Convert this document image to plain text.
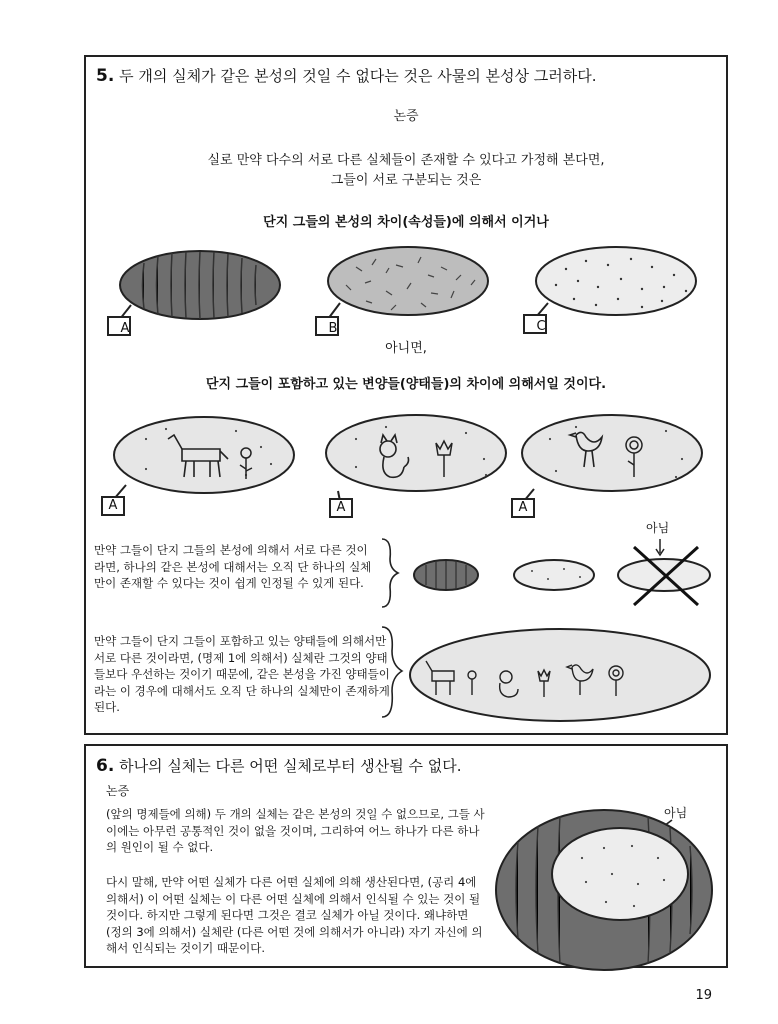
5. 두 개의 실체가 같은 본성의 것일 수 없다는 것은 사물의 본성상 그러하다.
논증
실로 만약 다수의 서로 다른 실체들이 존재할 수 있다고 가정해 본다면,
그들이 서로 구분되는 것은
단지 그들의 본성의 차이(속성들)에 의해서 이거나
A	B	C
아니면,
단지 그들이 포함하고 있는 변양들(양태들)의 차이에 의해서일 것이다.
A	A	A
만약 그들이 단지 그들의 본성에 의해서 서로 다른 것이라면, 하나의 같은 본성에 대해서는 오직 단 하나의 실체만이 존재할 수 있다는 것이 쉽게 인정될 수 있게 된다.
아님
만약 그들이 단지 그들이 포함하고 있는 양태들에 의해서만 서로 다른 것이라면, (명제 1에 의해서) 실체란 그것의 양태들보다 우선하는 것이기 때문에, 같은 본성을 가진 양태들이라는 이 경우에 대해서도 오직 단 하나의 실체만이 존재하게 된다.
6. 하나의 실체는 다른 어떤 실체로부터 생산될 수 없다.
논증
(앞의 명제들에 의해) 두 개의 실체는 같은 본성의 것일 수 없으므로, 그들 사이에는 아무런 공통적인 것이 없을 것이며, 그리하여 어느 하나가 다른 하나의 원인이 될 수 없다.
다시 말해, 만약 어떤 실체가 다른 어떤 실체에 의해 생산된다면, (공리 4에 의해서) 이 어떤 실체는 이 다른 어떤 실체에 의해서 인식될 수 있는 것이 될 것이다. 하지만 그렇게 된다면 그것은 결코 실체가 아닐 것이다. 왜냐하면 (정의 3에 의해서) 실체란 (다른 어떤 것에 의해서가 아니라) 자기 자신에 의해서 인식되는 것이기 때문이다.
아님
19
